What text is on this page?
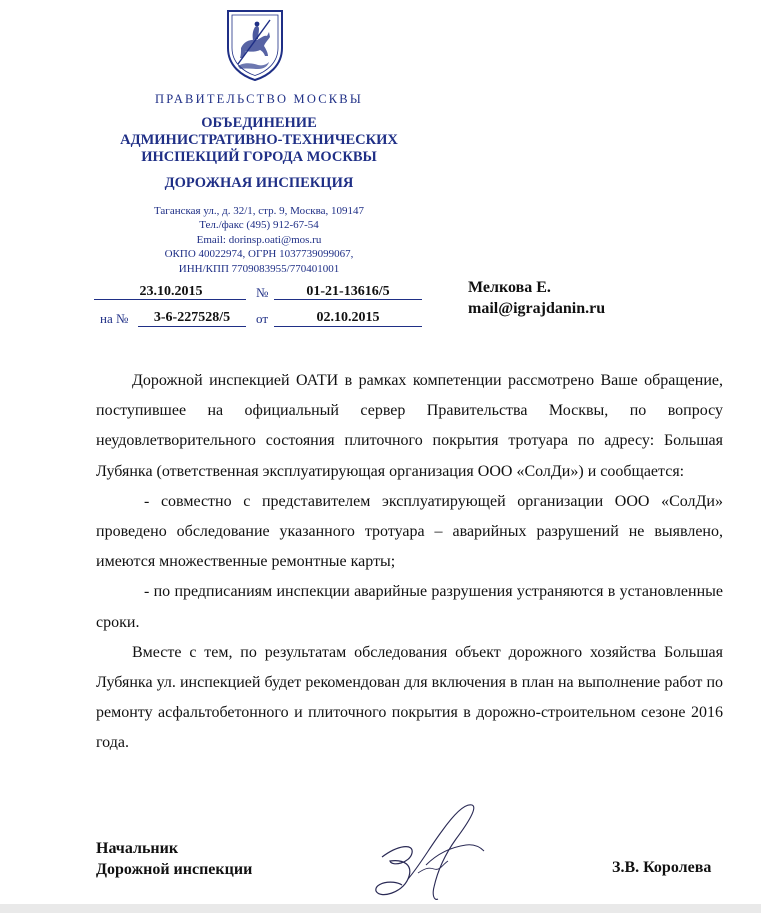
ПРАВИТЕЛЬСТВО МОСКВЫ
ОБЪЕДИНЕНИЕ
АДМИНИСТРАТИВНО-ТЕХНИЧЕСКИХ
ИНСПЕКЦИЙ ГОРОДА МОСКВЫ
ДОРОЖНАЯ ИНСПЕКЦИЯ
Таганская ул., д. 32/1, стр. 9, Москва, 109147
Тел./факс (495) 912-67-54
Email: dorinsp.oati@mos.ru
ОКПО 40022974, ОГРН 1037739099067,
ИНН/КПП 7709083955/770401001
23.10.2015	№	01-21-13616/5
на №	3-6-227528/5	от	02.10.2015
Мелкова Е.
mail@igrajdanin.ru

Дорожной инспекцией ОАТИ в рамках компетенции рассмотрено Ваше обращение, поступившее на официальный сервер Правительства Москвы, по вопросу неудовлетворительного состояния плиточного покрытия тротуара по адресу: Большая Лубянка (ответственная эксплуатирующая организация ООО «СолДи») и сообщается:

- совместно с представителем эксплуатирующей организации ООО «СолДи» проведено обследование указанного тротуара – аварийных разрушений не выявлено, имеются множественные ремонтные карты;

- по предписаниям инспекции аварийные разрушения устраняются в установленные сроки.

Вместе с тем, по результатам обследования объект дорожного хозяйства Большая Лубянка ул. инспекцией будет рекомендован для включения в план на выполнение работ по ремонту асфальтобетонного и плиточного покрытия в дорожно-строительном сезоне 2016 года.

Начальник
Дорожной инспекции	З.В. Королева
